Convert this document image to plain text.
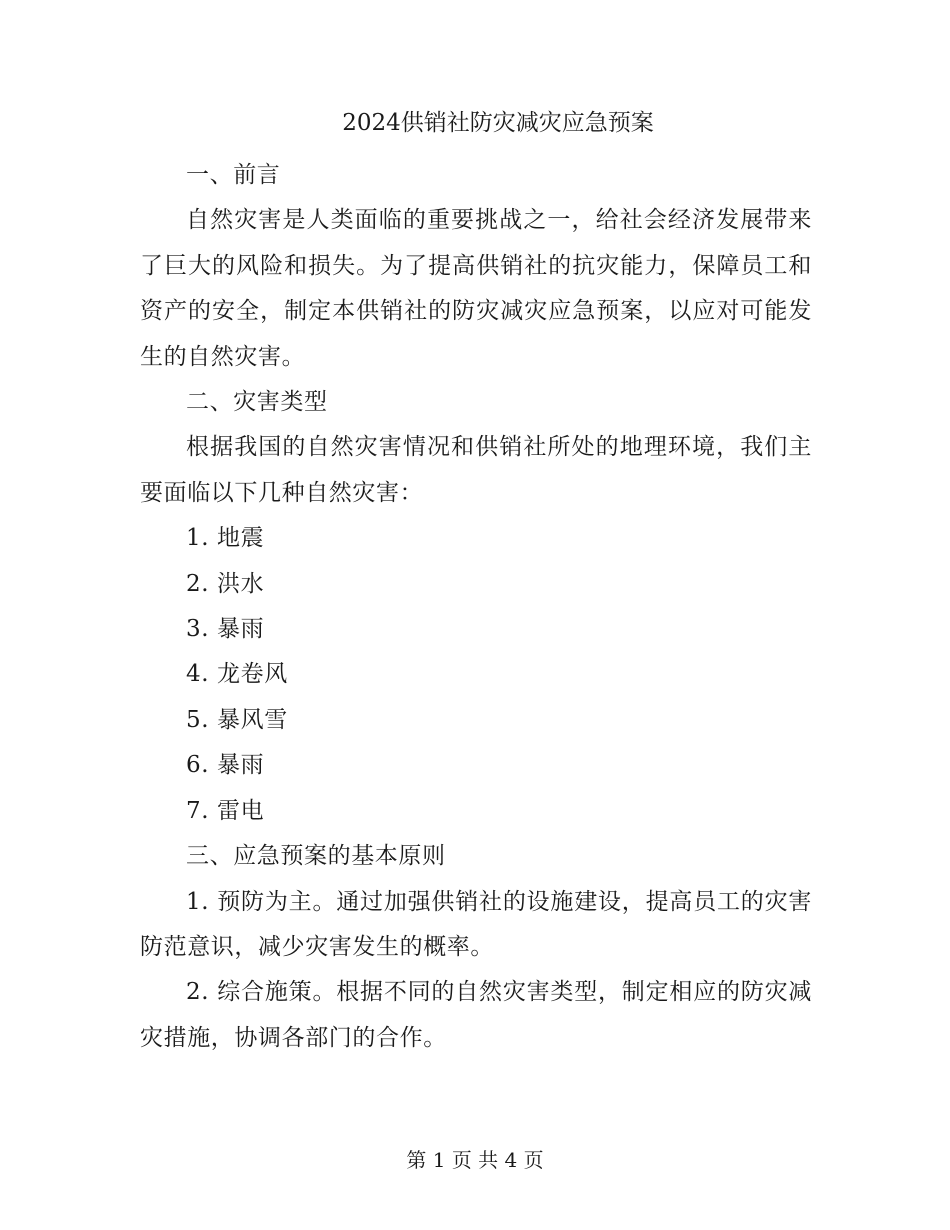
2024供销社防灾减灾应急预案

一、前言

自然灾害是人类面临的重要挑战之一，给社会经济发展带来了巨大的风险和损失。为了提高供销社的抗灾能力，保障员工和资产的安全，制定本供销社的防灾减灾应急预案，以应对可能发生的自然灾害。

二、灾害类型

根据我国的自然灾害情况和供销社所处的地理环境，我们主要面临以下几种自然灾害：

1. 地震

2. 洪水

3. 暴雨

4. 龙卷风

5. 暴风雪

6. 暴雨

7. 雷电

三、应急预案的基本原则

1. 预防为主。通过加强供销社的设施建设，提高员工的灾害防范意识，减少灾害发生的概率。

2. 综合施策。根据不同的自然灾害类型，制定相应的防灾减灾措施，协调各部门的合作。

第 1 页 共 4 页
